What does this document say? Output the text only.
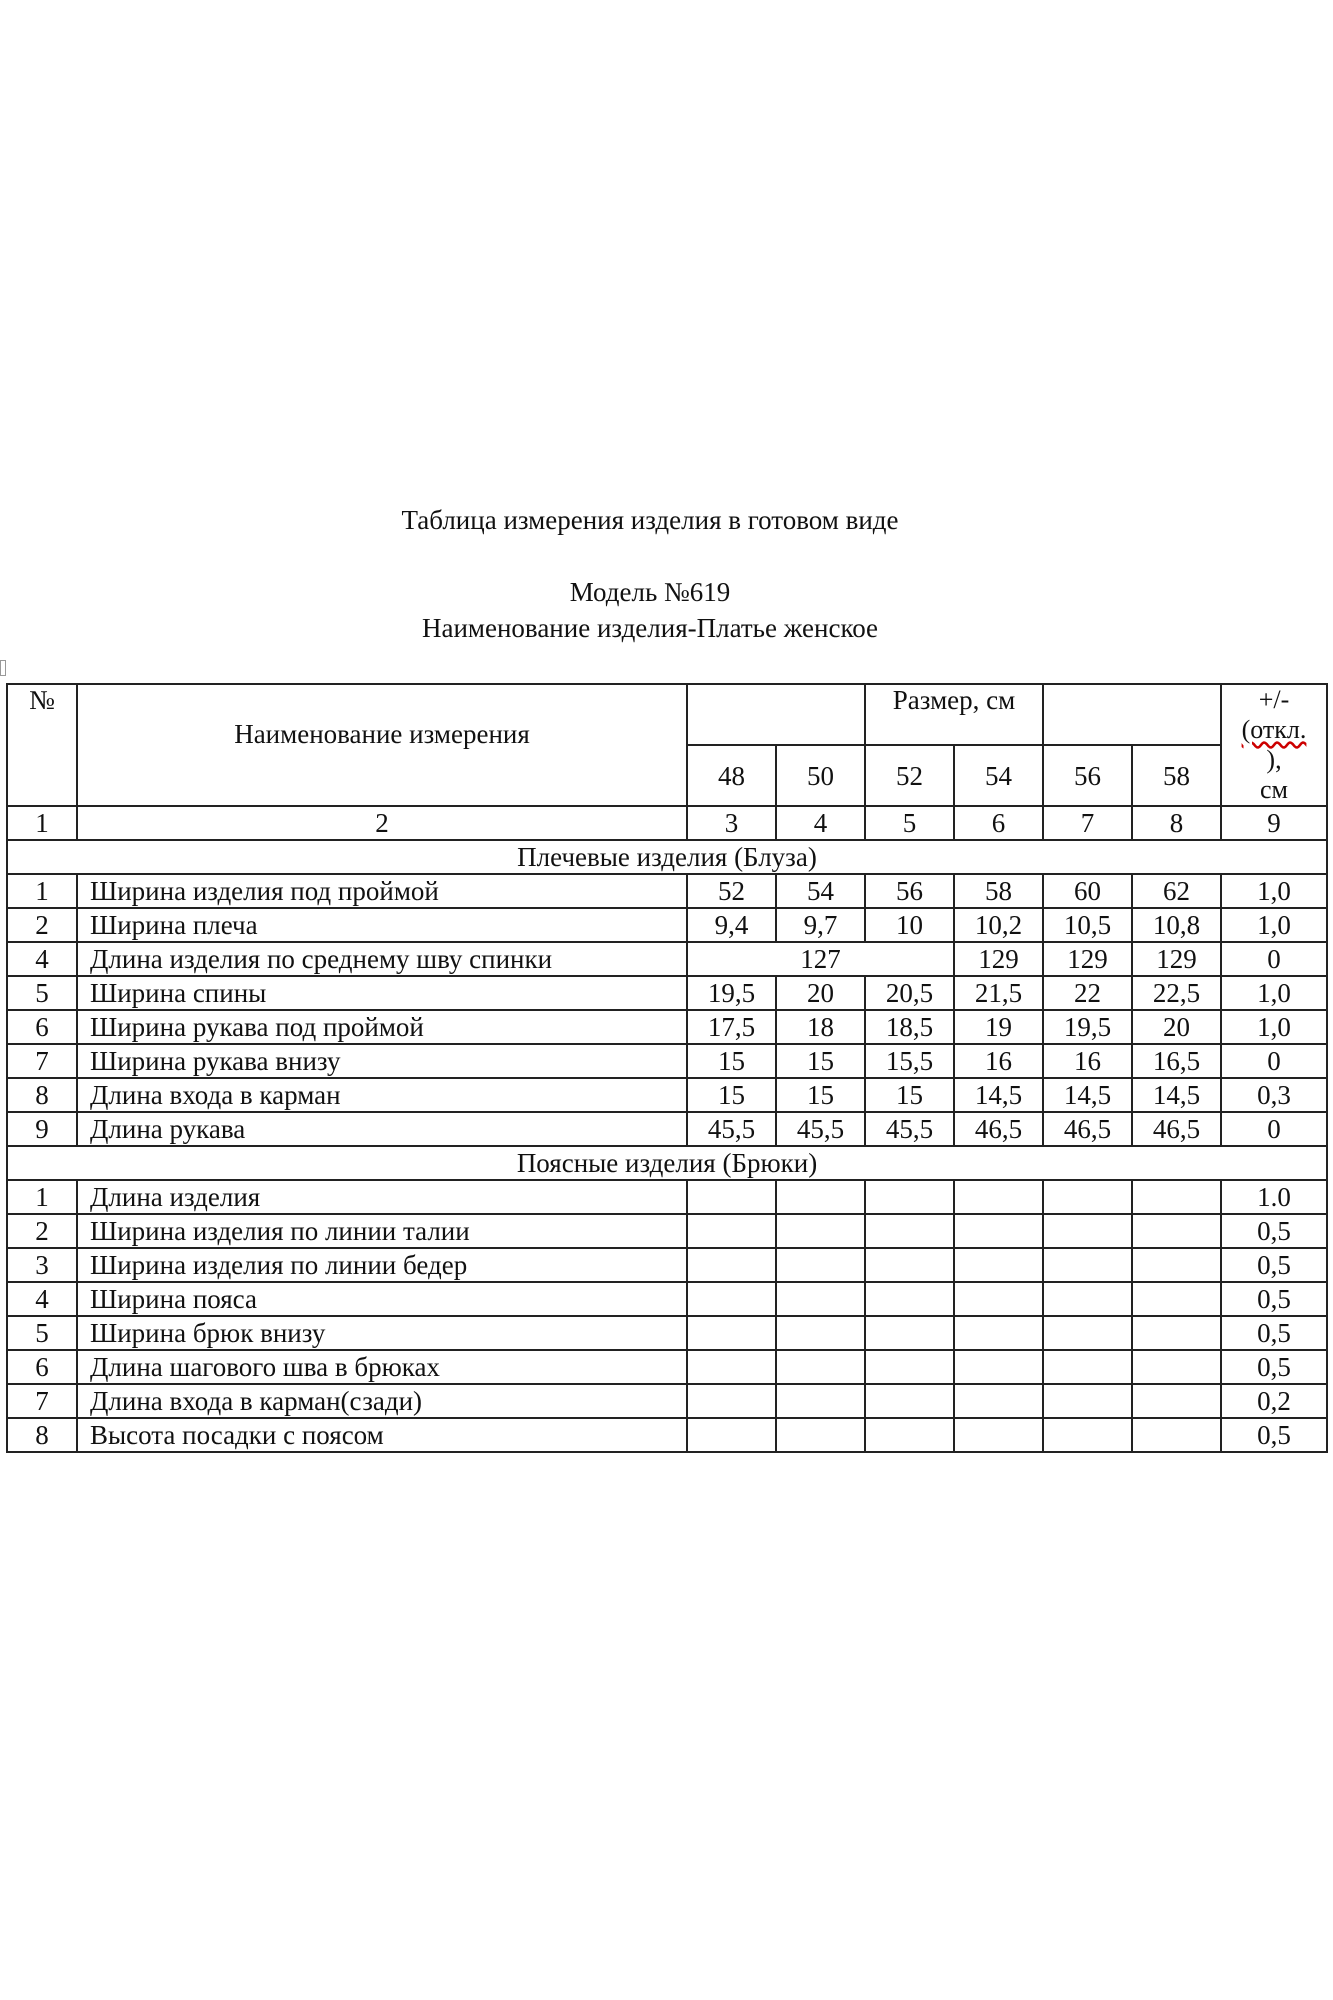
Таблица измерения изделия в готовом виде
Модель №619
Наименование изделия-Платье женское
№	Наименование измерения			Размер, см				+/-
(откл.
),
см

		48	50	52	54	56	58	
1	2	3	4	5	6	7	8	9
Плечевые изделия (Блуза)								
1	Ширина изделия под проймой	52	54	56	58	60	62	1,0
2	Ширина плеча	9,4	9,7	10	10,2	10,5	10,8	1,0
4	Длина изделия по среднему шву спинки	127			129	129	129	0
5	Ширина спины	19,5	20	20,5	21,5	22	22,5	1,0
6	Ширина рукава под проймой	17,5	18	18,5	19	19,5	20	1,0
7	Ширина рукава внизу	15	15	15,5	16	16	16,5	0
8	Длина входа в карман	15	15	15	14,5	14,5	14,5	0,3
9	Длина рукава	45,5	45,5	45,5	46,5	46,5	46,5	0
Поясные изделия (Брюки)								
1	Длина изделия							1.0
2	Ширина изделия по линии талии							0,5
3	Ширина изделия по линии бедер							0,5
4	Ширина пояса							0,5
5	Ширина брюк внизу							0,5
6	Длина шагового шва в брюках							0,5
7	Длина входа в карман(сзади)							0,2
8	Высота посадки с поясом							0,5
